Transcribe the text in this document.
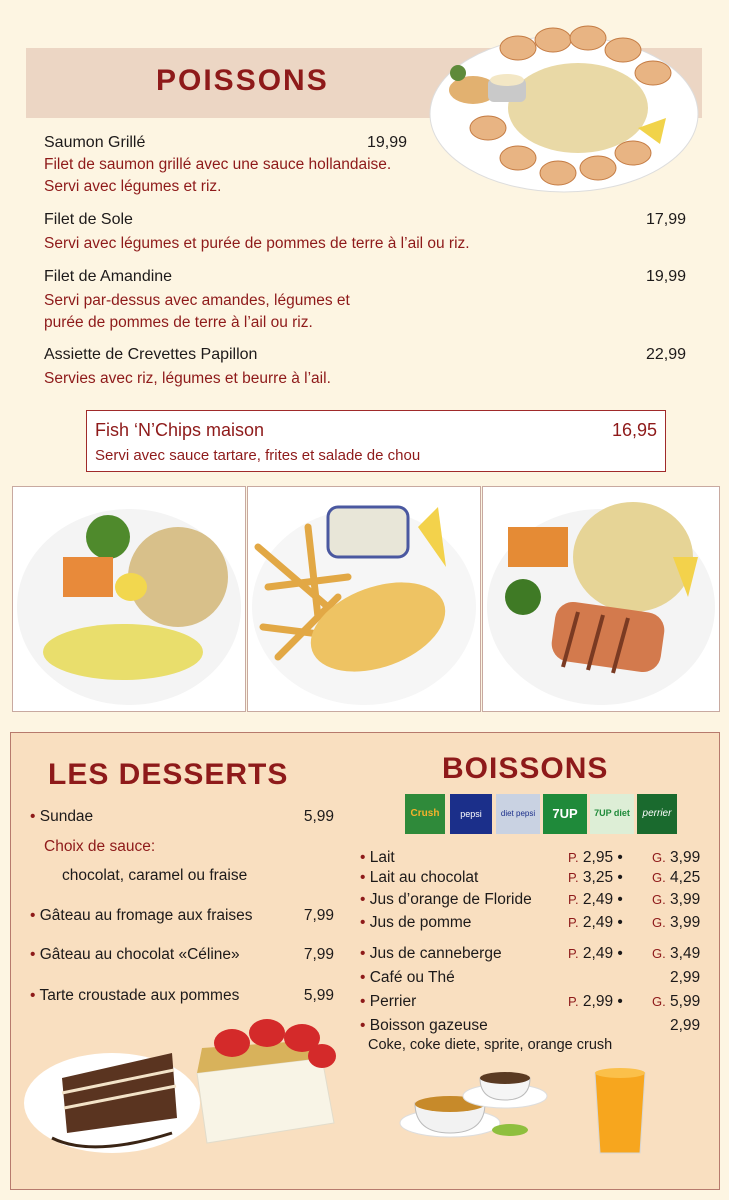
POISSONS
Saumon Grillé	19,99
Filet de saumon grillé avec une sauce hollandaise.
Servi avec légumes et riz.
Filet de Sole	17,99
Servi avec légumes et purée de pommes de terre à l’ail ou riz.
Filet de Amandine	19,99
Servi par-dessus avec amandes, légumes et
purée de pommes de terre à l’ail ou riz.
Assiette de Crevettes Papillon	22,99
Servies avec riz, légumes et beurre à l’ail.
Fish ‘N’Chips maison	16,95
Servi avec sauce tartare, frites et salade de chou
LES DESSERTS
• Sundae	5,99
Choix de sauce:
chocolat, caramel ou fraise
• Gâteau au fromage aux fraises	7,99
• Gâteau au chocolat «Céline»	7,99
• Tarte croustade aux pommes	5,99
BOISSONS
Crush	pepsi	diet pepsi	7UP	7UP diet	perrier
• Lait	P. 2,95 • G. 3,99
• Lait au chocolat	P. 3,25 • G. 4,25
• Jus d’orange de Floride	P. 2,49 • G. 3,99
• Jus de pomme	P. 2,49 • G. 3,99
• Jus de canneberge	P. 2,49 • G. 3,49
• Café ou Thé	2,99
• Perrier	P. 2,99 • G. 5,99
• Boisson gazeuse	2,99
Coke, coke diete, sprite, orange crush
